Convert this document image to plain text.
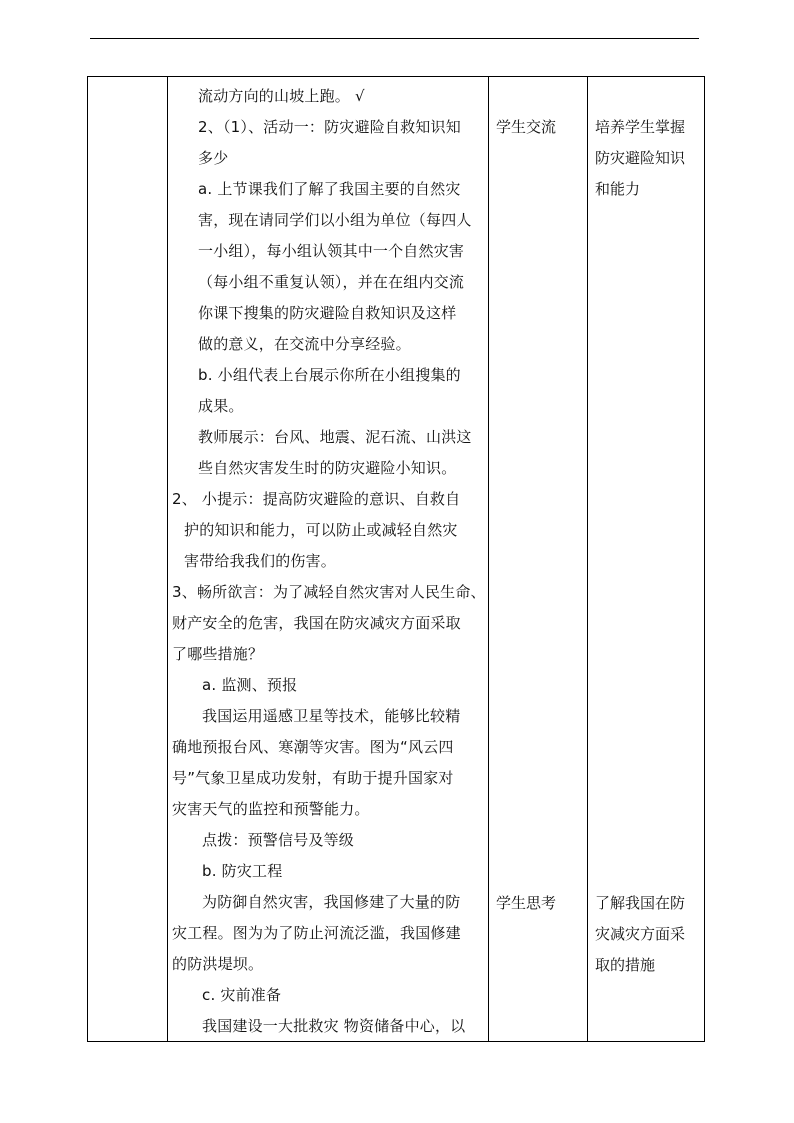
流动方向的山坡上跑。 √
2、（1）、活动一：防灾避险自救知识知
多少
a. 上节课我们了解了我国主要的自然灾
害，现在请同学们以小组为单位（每四人
一小组），每小组认领其中一个自然灾害
（每小组不重复认领），并在在组内交流
你课下搜集的防灾避险自救知识及这样
做的意义，在交流中分享经验。
b. 小组代表上台展示你所在小组搜集的
成果。
教师展示：台风、地震、泥石流、山洪这
些自然灾害发生时的防灾避险小知识。
2、 小提示：提高防灾避险的意识、自救自
护的知识和能力，可以防止或减轻自然灾
害带给我我们的伤害。
3、畅所欲言：为了减轻自然灾害对人民生命、
财产安全的危害，我国在防灾减灾方面采取
了哪些措施？
a. 监测、预报
我国运用遥感卫星等技术，能够比较精
确地预报台风、寒潮等灾害。图为“风云四
号”气象卫星成功发射，有助于提升国家对
灾害天气的监控和预警能力。
点拨：预警信号及等级
b. 防灾工程
为防御自然灾害，我国修建了大量的防
灾工程。图为为了防止河流泛滥，我国修建
的防洪堤坝。
c. 灾前准备
我国建设一大批救灾 物资储备中心，以
学生交流
学生思考
培养学生掌握
防灾避险知识
和能力
了解我国在防
灾减灾方面采
取的措施
